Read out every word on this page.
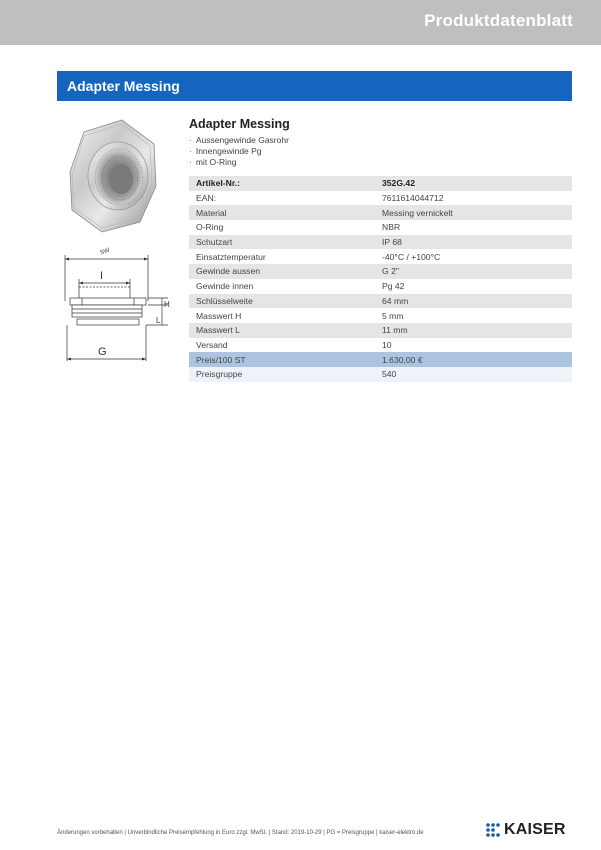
Produktdatenblatt
Adapter Messing
SW
I
G
L
H
Adapter Messing
· Aussengewinde Gasrohr
· Innengewinde Pg
· mit O-Ring
Artikel-Nr.:	352G.42
EAN:	7611614044712
Material	Messing vernickelt
O-Ring	NBR
Schutzart	IP 68
Einsatztemperatur	-40°C / +100°C
Gewinde aussen	G 2"
Gewinde innen	Pg 42
Schlüsselweite	64 mm
Masswert H	5 mm
Masswert L	11 mm
Versand	10
Preis/100 ST	1.630,00 €
Preisgruppe	540
Änderungen vorbehalten | Unverbindliche Preisempfehlung in Euro zzgl. MwSt. | Stand: 2019-10-29 | PG = Preisgruppe | kaiser-elektro.de	KAISER
